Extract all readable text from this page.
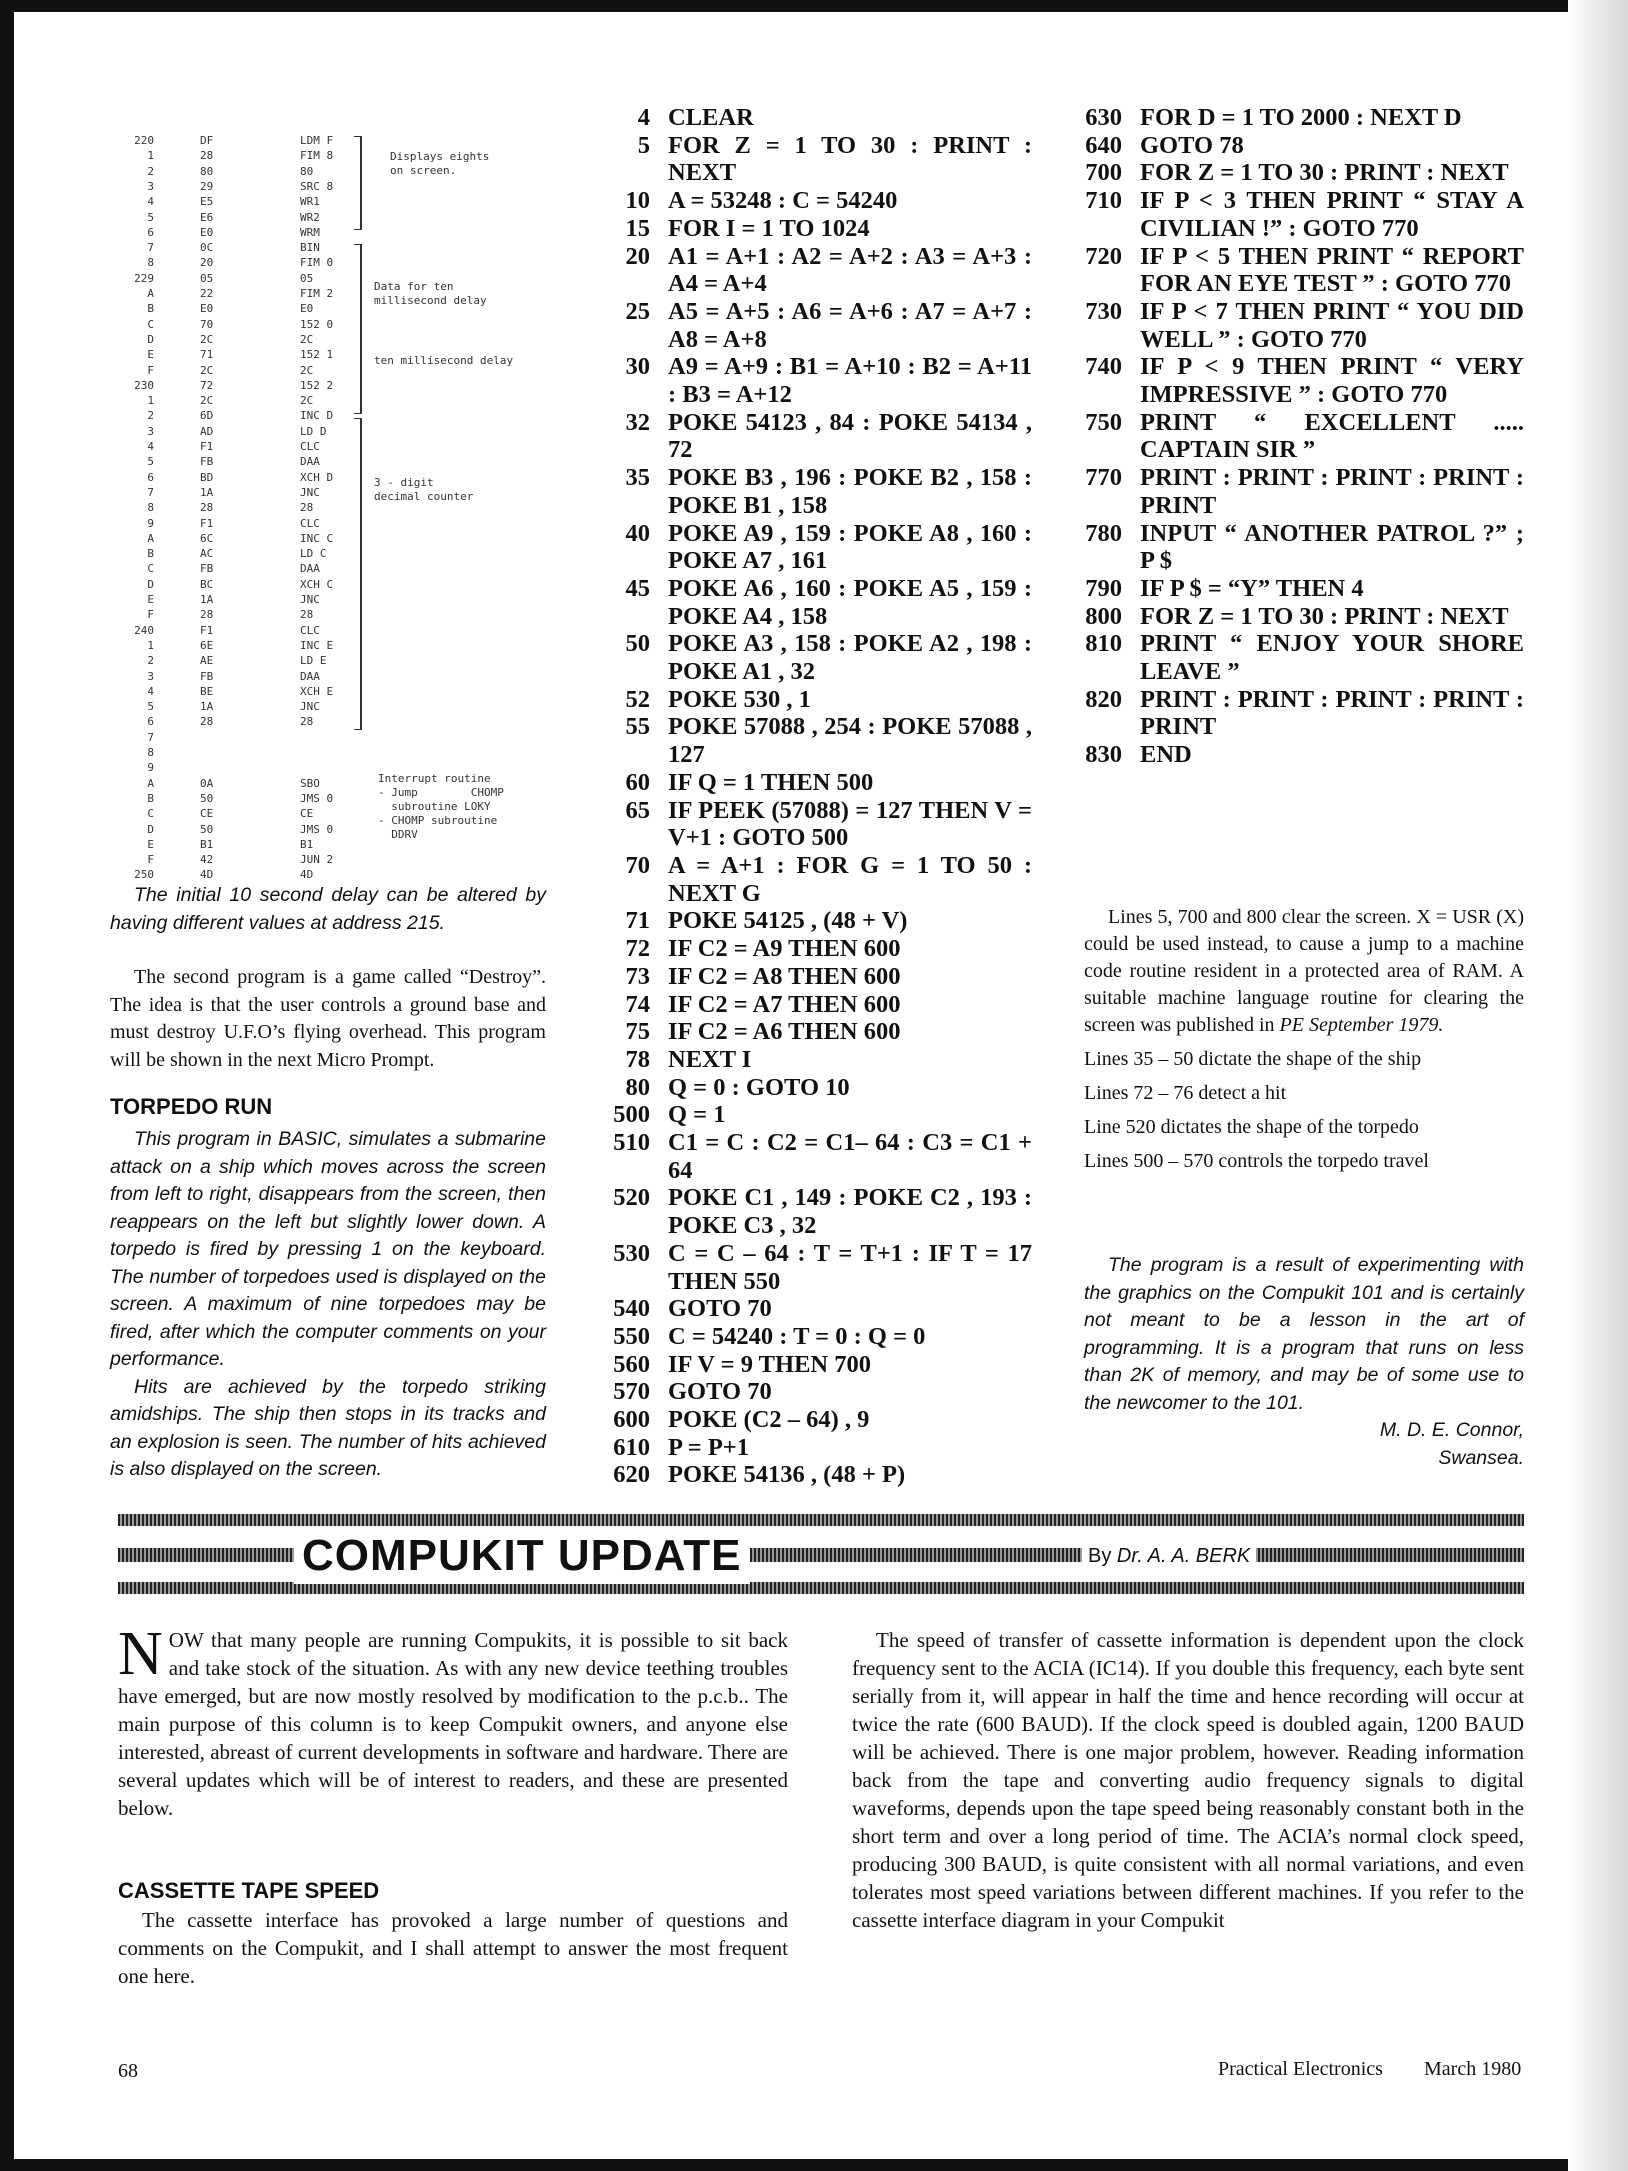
220	DF	LDM F
1	28	FIM 8
2	80	80
3	29	SRC 8
4	E5	WR1
5	E6	WR2
6	E0	WRM
7	0C	BIN
8	20	FIM 0
229	05	05
A	22	FIM 2
B	E0	E0
C	70	152 0
D	2C	2C
E	71	152 1
F	2C	2C
230	72	152 2
1	2C	2C
2	6D	INC D
3	AD	LD D
4	F1	CLC
5	FB	DAA
6	BD	XCH D
7	1A	JNC
8	28	28
9	F1	CLC
A	6C	INC C
B	AC	LD C
C	FB	DAA
D	BC	XCH C
E	1A	JNC
F	28	28
240	F1	CLC
1	6E	INC E
2	AE	LD E
3	FB	DAA
4	BE	XCH E
5	1A	JNC
6	28	28
7
8
9
A	0A	SBO
B	50	JMS 0
C	CE	CE
D	50	JMS 0
E	B1	B1
F	42	JUN 2
250	4D	4D
Displays eights
on screen.
Data for ten
millisecond delay
ten millisecond delay
3 - digit
decimal counter
Interrupt routine
- Jump        CHOMP
subroutine LOKY
- CHOMP subroutine
DDRV

The initial 10 second delay can be altered by having different values at address 215.

The second program is a game called “Destroy”. The idea is that the user controls a ground base and must destroy U.F.O’s flying overhead. This program will be shown in the next Micro Prompt.

TORPEDO RUN

This program in BASIC, simulates a submarine attack on a ship which moves across the screen from left to right, disappears from the screen, then reappears on the left but slightly lower down. A torpedo is fired by pressing 1 on the keyboard. The number of torpedoes used is displayed on the screen. A maximum of nine torpedoes may be fired, after which the computer comments on your performance.

Hits are achieved by the torpedo striking amidships. The ship then stops in its tracks and an explosion is seen. The number of hits achieved is also displayed on the screen.

4 CLEAR
5 FOR Z = 1 TO 30 : PRINT : NEXT
10 A = 53248 : C = 54240
15 FOR I = 1 TO 1024
20 A1 = A+1 : A2 = A+2 : A3 = A+3 : A4 = A+4
25 A5 = A+5 : A6 = A+6 : A7 = A+7 : A8 = A+8
30 A9 = A+9 : B1 = A+10 : B2 = A+11 : B3 = A+12
32 POKE 54123 , 84 : POKE 54134 , 72
35 POKE B3 , 196 : POKE B2 , 158 : POKE B1 , 158
40 POKE A9 , 159 : POKE A8 , 160 : POKE A7 , 161
45 POKE A6 , 160 : POKE A5 , 159 : POKE A4 , 158
50 POKE A3 , 158 : POKE A2 , 198 : POKE A1 , 32
52 POKE 530 , 1
55 POKE 57088 , 254 : POKE 57088 , 127
60 IF Q = 1 THEN 500
65 IF PEEK (57088) = 127 THEN V = V+1 : GOTO 500
70 A = A+1 : FOR G = 1 TO 50 : NEXT G
71 POKE 54125 , (48 + V)
72 IF C2 = A9 THEN 600
73 IF C2 = A8 THEN 600
74 IF C2 = A7 THEN 600
75 IF C2 = A6 THEN 600
78 NEXT I
80 Q = 0 : GOTO 10
500 Q = 1
510 C1 = C : C2 = C1– 64 : C3 = C1 + 64
520 POKE C1 , 149 : POKE C2 , 193 : POKE C3 , 32
530 C = C – 64 : T = T+1 : IF T = 17 THEN 550
540 GOTO 70
550 C = 54240 : T = 0 : Q = 0
560 IF V = 9 THEN 700
570 GOTO 70
600 POKE (C2 – 64) , 9
610 P = P+1
620 POKE 54136 , (48 + P)
630 FOR D = 1 TO 2000 : NEXT D
640 GOTO 78
700 FOR Z = 1 TO 30 : PRINT : NEXT
710 IF P < 3 THEN PRINT “ STAY A CIVILIAN !” : GOTO 770
720 IF P < 5 THEN PRINT “ REPORT FOR AN EYE TEST ” : GOTO 770
730 IF P < 7 THEN PRINT “ YOU DID WELL ” : GOTO 770
740 IF P < 9 THEN PRINT “ VERY IMPRESSIVE ” : GOTO 770
750 PRINT “ EXCELLENT ..... CAPTAIN SIR ”
770 PRINT : PRINT : PRINT : PRINT : PRINT
780 INPUT “ ANOTHER PATROL ?” ; P $
790 IF P $ = “Y” THEN 4
800 FOR Z = 1 TO 30 : PRINT : NEXT
810 PRINT “ ENJOY YOUR SHORE LEAVE ”
820 PRINT : PRINT : PRINT : PRINT : PRINT
830 END

Lines 5, 700 and 800 clear the screen. X = USR (X) could be used instead, to cause a jump to a machine code routine resident in a protected area of RAM. A suitable machine language routine for clearing the screen was published in PE September 1979.

Lines 35 – 50 dictate the shape of the ship

Lines 72 – 76 detect a hit

Line 520 dictates the shape of the torpedo

Lines 500 – 570 controls the torpedo travel

The program is a result of experimenting with the graphics on the Compukit 101 and is certainly not meant to be a lesson in the art of programming. It is a program that runs on less than 2K of memory, and may be of some use to the newcomer to the 101.

M. D. E. Connor,

Swansea.

COMPUKIT UPDATE	By Dr. A. A. BERK

NOW that many people are running Compukits, it is possible to sit back and take stock of the situation. As with any new device teething troubles have emerged, but are now mostly resolved by modification to the p.c.b.. The main purpose of this column is to keep Compukit owners, and anyone else interested, abreast of current developments in software and hardware. There are several updates which will be of interest to readers, and these are presented below.

CASSETTE TAPE SPEED

The cassette interface has provoked a large number of questions and comments on the Compukit, and I shall attempt to answer the most frequent one here.

The speed of transfer of cassette information is dependent upon the clock frequency sent to the ACIA (IC14). If you double this frequency, each byte sent serially from it, will appear in half the time and hence recording will occur at twice the rate (600 BAUD). If the clock speed is doubled again, 1200 BAUD will be achieved. There is one major problem, however. Reading information back from the tape and converting audio frequency signals to digital waveforms, depends upon the tape speed being reasonably constant both in the short term and over a long period of time. The ACIA’s normal clock speed, producing 300 BAUD, is quite consistent with all normal variations, and even tolerates most speed variations between different machines. If you refer to the cassette interface diagram in your Compukit

68	Practical Electronics March 1980
